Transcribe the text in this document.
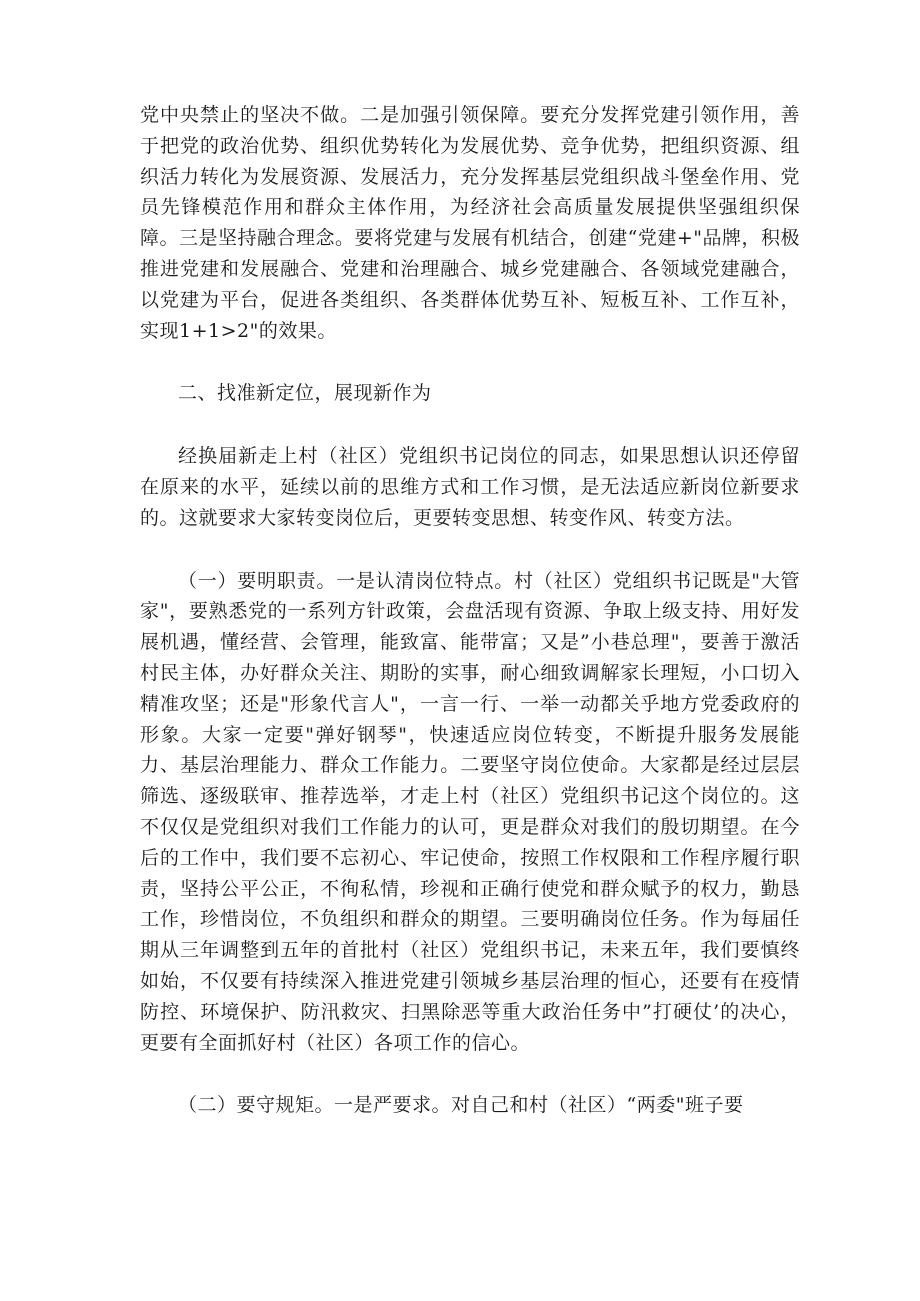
党中央禁止的坚决不做。二是加强引领保障。要充分发挥党建引领作用，善于把党的政治优势、组织优势转化为发展优势、竞争优势，把组织资源、组织活力转化为发展资源、发展活力，充分发挥基层党组织战斗堡垒作用、党员先锋模范作用和群众主体作用，为经济社会高质量发展提供坚强组织保障。三是坚持融合理念。要将党建与发展有机结合，创建“党建+"品牌，积极推进党建和发展融合、党建和治理融合、城乡党建融合、各领域党建融合，以党建为平台，促进各类组织、各类群体优势互补、短板互补、工作互补，实现1+1>2"的效果。

二、找准新定位，展现新作为

经换届新走上村（社区）党组织书记岗位的同志，如果思想认识还停留在原来的水平，延续以前的思维方式和工作习惯，是无法适应新岗位新要求的。这就要求大家转变岗位后，更要转变思想、转变作风、转变方法。

（一）要明职责。一是认清岗位特点。村（社区）党组织书记既是"大管家"，要熟悉党的一系列方针政策，会盘活现有资源、争取上级支持、用好发展机遇，懂经营、会管理，能致富、能带富；又是”小巷总理"，要善于激活村民主体，办好群众关注、期盼的实事，耐心细致调解家长理短，小口切入精准攻坚；还是"形象代言人"，一言一行、一举一动都关乎地方党委政府的形象。大家一定要"弹好钢琴"，快速适应岗位转变，不断提升服务发展能力、基层治理能力、群众工作能力。二要坚守岗位使命。大家都是经过层层筛选、逐级联审、推荐选举，才走上村（社区）党组织书记这个岗位的。这不仅仅是党组织对我们工作能力的认可，更是群众对我们的殷切期望。在今后的工作中，我们要不忘初心、牢记使命，按照工作权限和工作程序履行职责，坚持公平公正，不徇私情，珍视和正确行使党和群众赋予的权力，勤恳工作，珍惜岗位，不负组织和群众的期望。三要明确岗位任务。作为每届任期从三年调整到五年的首批村（社区）党组织书记，未来五年，我们要慎终如始，不仅要有持续深入推进党建引领城乡基层治理的恒心，还要有在疫情防控、环境保护、防汛救灾、扫黑除恶等重大政治任务中”打硬仗’的决心，更要有全面抓好村（社区）各项工作的信心。

（二）要守规矩。一是严要求。对自己和村（社区）“两委"班子要
